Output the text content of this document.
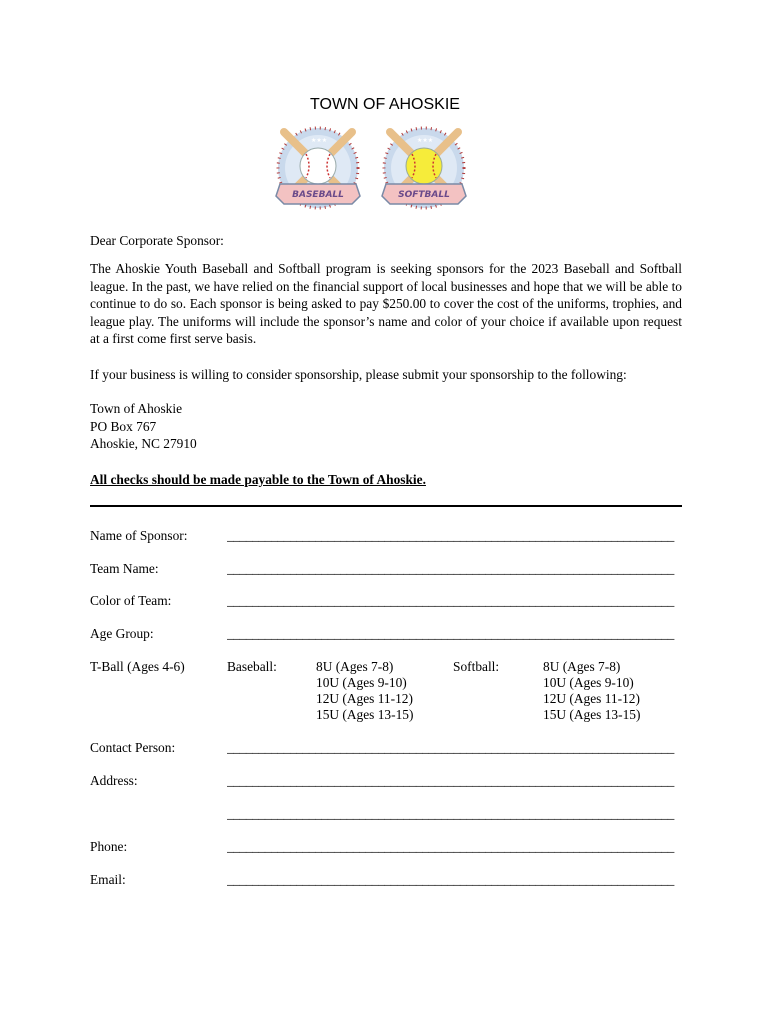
TOWN OF AHOSKIE
★★★
BASEBALL
★★★
SOFTBALL
Dear Corporate Sponsor:
The Ahoskie Youth Baseball and Softball program is seeking sponsors for the 2023 Baseball and Softball league. In the past, we have relied on the financial support of local businesses and hope that we will be able to continue to do so. Each sponsor is being asked to pay $250.00 to cover the cost of the uniforms, trophies, and league play. The uniforms will include the sponsor’s name and color of your choice if available upon request at a first come first serve basis.
If your business is willing to consider sponsorship, please submit your sponsorship to the following:
Town of Ahoskie
PO Box 767
Ahoskie, NC 27910
All checks should be made payable to the Town of Ahoskie.
Name of Sponsor:	_______________________________________________________________________
Team Name:	_______________________________________________________________________
Color of Team:	_______________________________________________________________________
Age Group:	_______________________________________________________________________
T-Ball (Ages 4-6)	Baseball:	8U (Ages 7-8)
10U (Ages 9-10)
12U (Ages 11-12)
15U (Ages 13-15)
Softball:	8U (Ages 7-8)
10U (Ages 9-10)
12U (Ages 11-12)
15U (Ages 13-15)
Contact Person:	_______________________________________________________________________
Address:	_______________________________________________________________________
_______________________________________________________________________
Phone:	_______________________________________________________________________
Email:	_______________________________________________________________________
